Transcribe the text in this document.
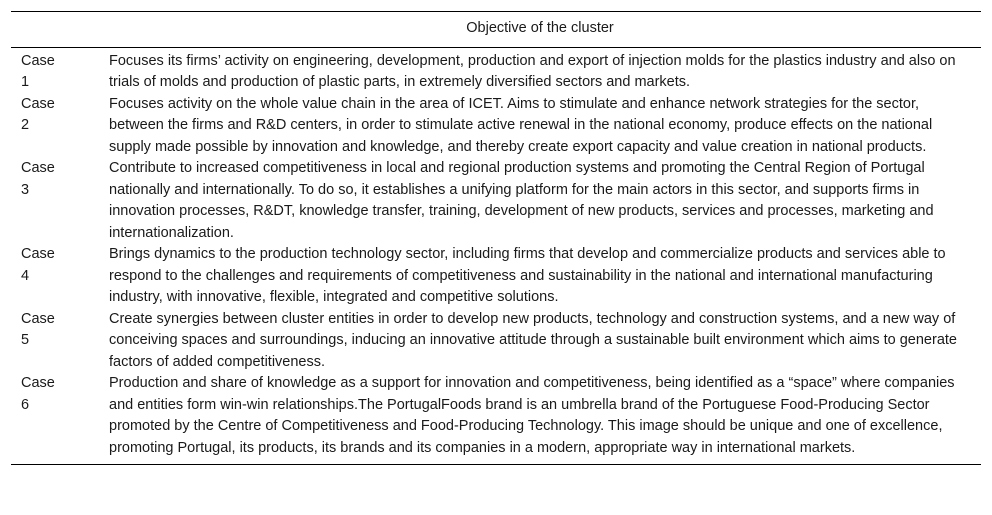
	Objective of the cluster

Case
1	Focuses its firms’ activity on engineering, development, production and export of injection molds for the plastics industry and also on trials of molds and production of plastic parts, in extremely diversified sectors and markets.

Case
2	Focuses activity on the whole value chain in the area of ICET. Aims to stimulate and enhance network strategies for the sector, between the firms and R&D centers, in order to stimulate active renewal in the national economy, produce effects on the national supply made possible by innovation and knowledge, and thereby create export capacity and value creation in national products.

Case
3	Contribute to increased competitiveness in local and regional production systems and promoting the Central Region of Portugal nationally and internationally. To do so, it establishes a unifying platform for the main actors in this sector, and supports firms in innovation processes, R&DT, knowledge transfer, training, development of new products, services and processes, marketing and internationalization.

Case
4	Brings dynamics to the production technology sector, including firms that develop and commercialize products and services able to respond to the challenges and requirements of competitiveness and sustainability in the national and international manufacturing industry, with innovative, flexible, integrated and competitive solutions.

Case
5	Create synergies between cluster entities in order to develop new products, technology and construction systems, and a new way of conceiving spaces and surroundings, inducing an innovative attitude through a sustainable built environment which aims to generate factors of added competitiveness.

Case
6	Production and share of knowledge as a support for innovation and competitiveness, being identified as a “space” where companies and entities form win-win relationships.The PortugalFoods brand is an umbrella brand of the Portuguese Food-Producing Sector promoted by the Centre of Competitiveness and Food-Producing Technology. This image should be unique and one of excellence, promoting Portugal, its products, its brands and its companies in a modern, appropriate way in international markets.
